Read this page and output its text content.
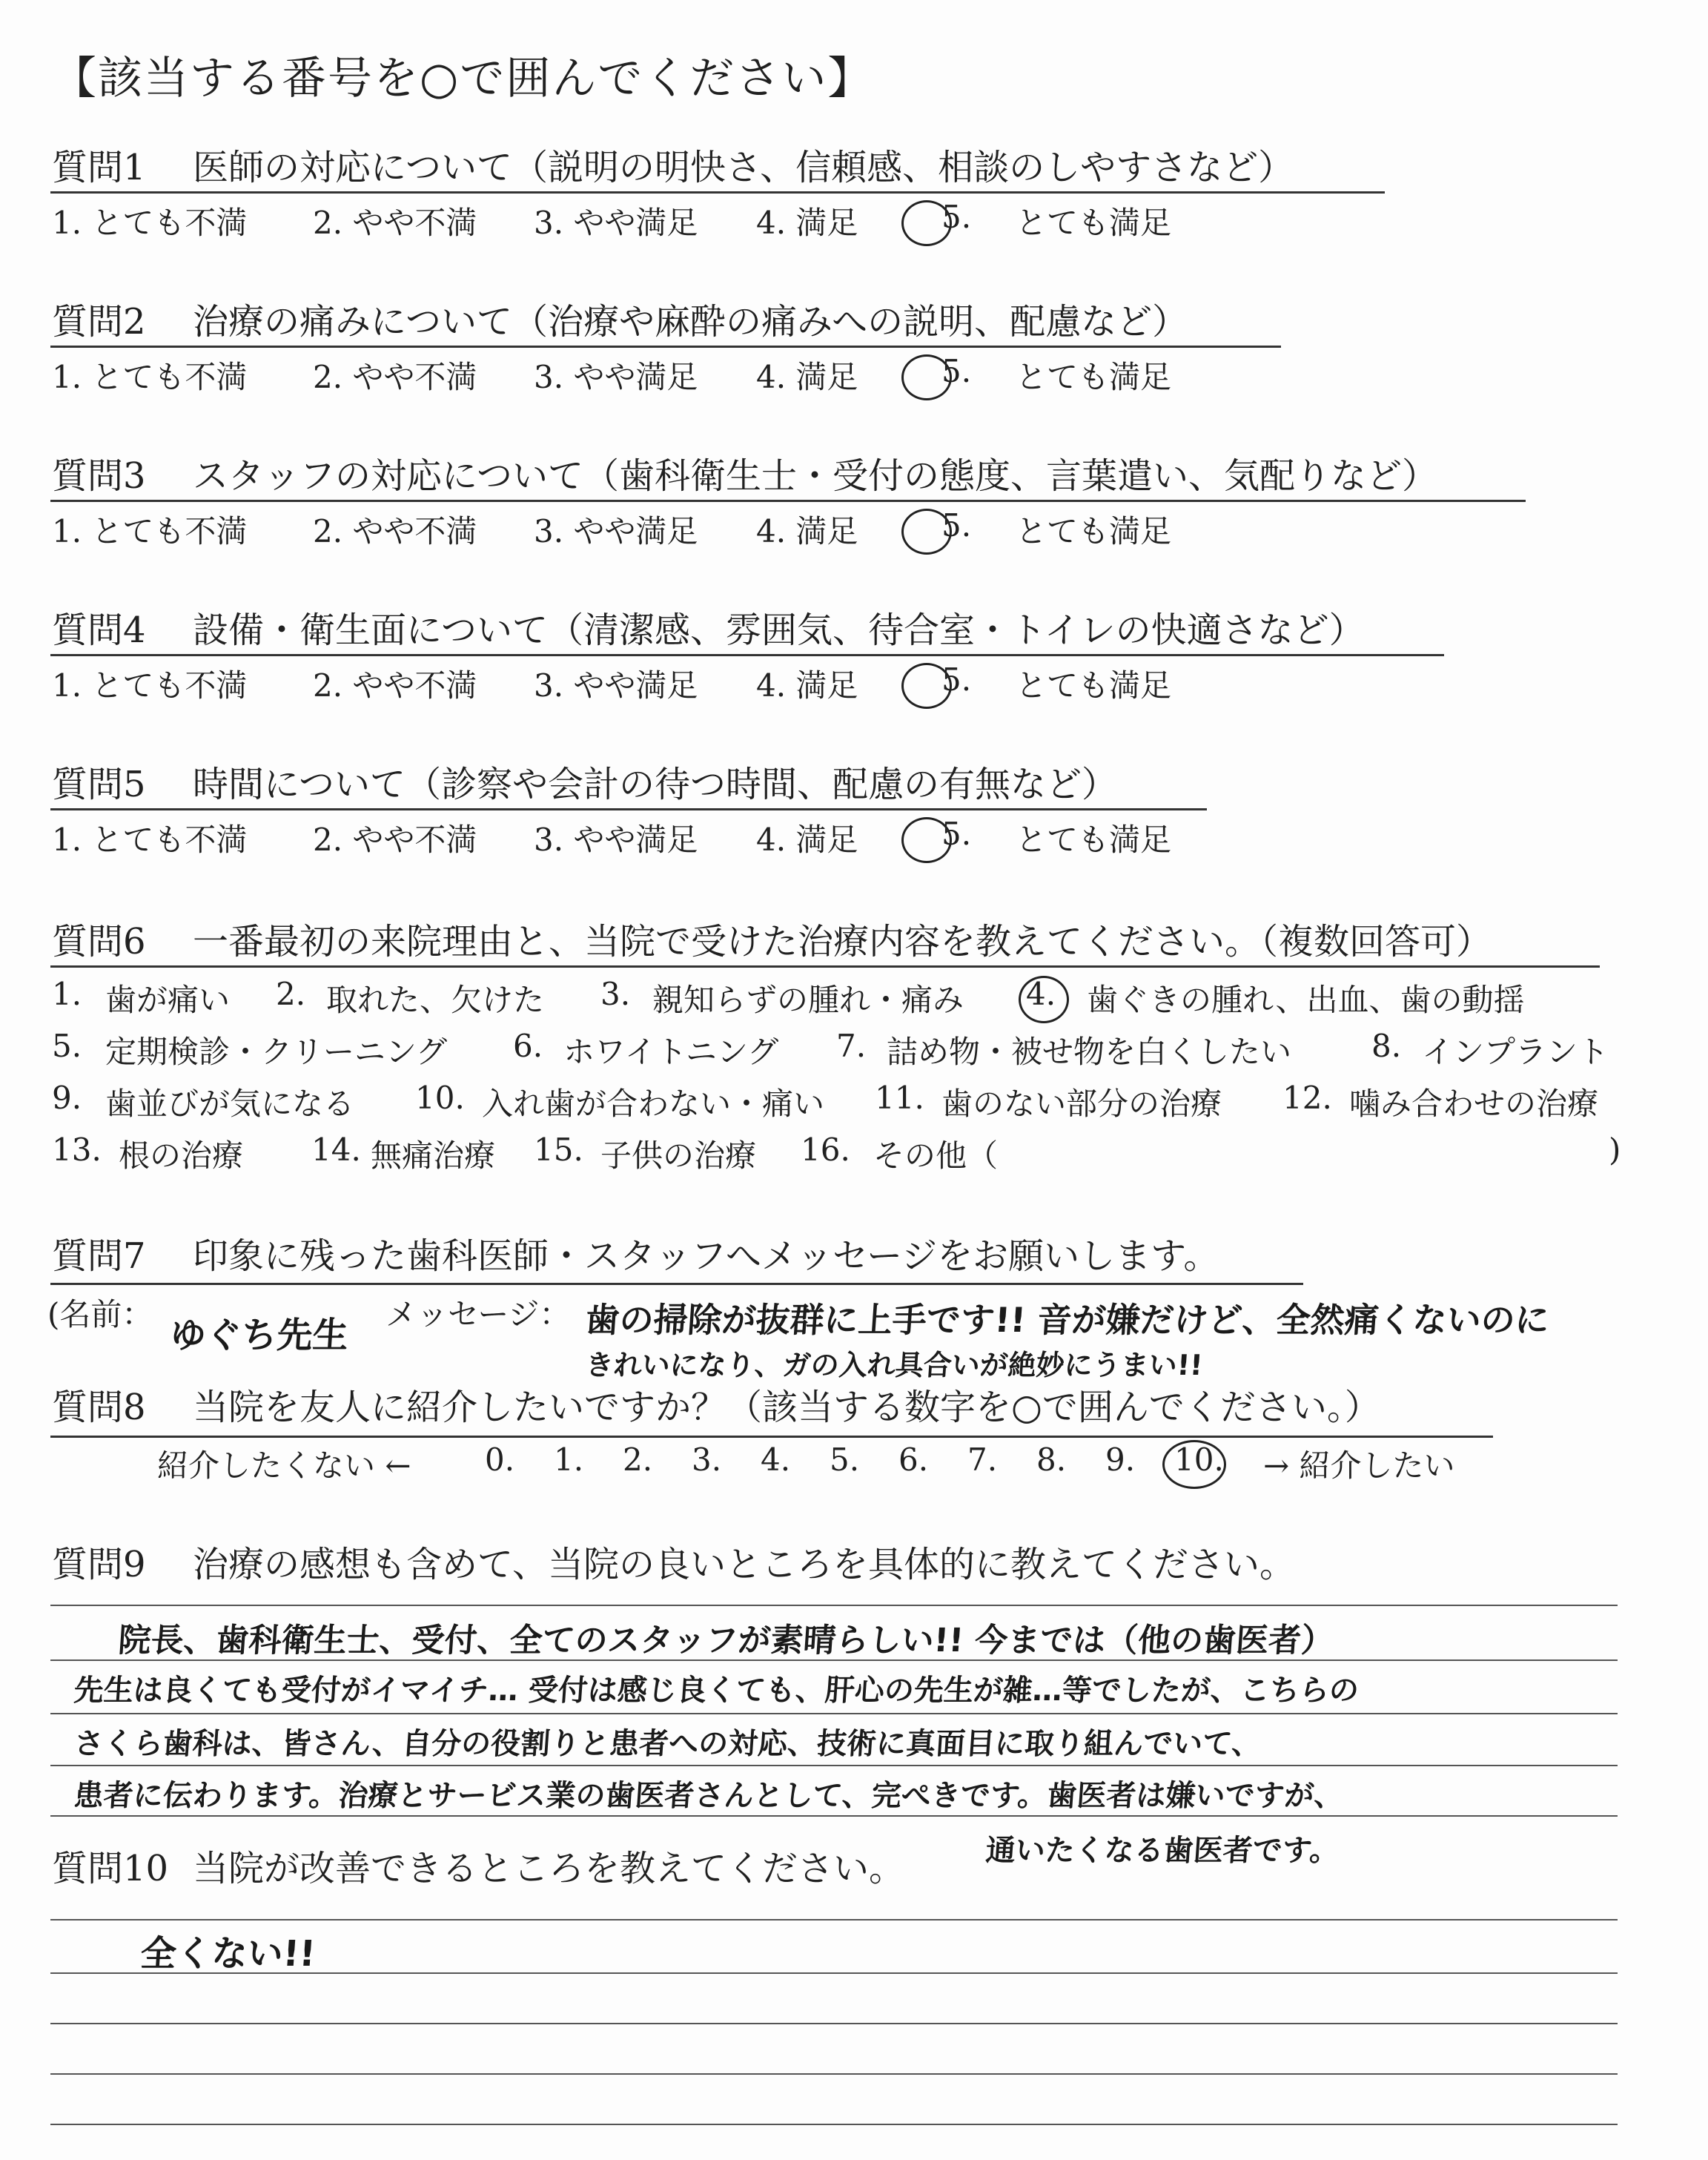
【該当する番号を○で囲んでください】
質問1 医師の対応について（説明の明快さ、信頼感、相談のしやすさなど）
1. とても不満 2. やや不満 3. やや満足 4. 満足	5. とても満足
質問2 治療の痛みについて（治療や麻酔の痛みへの説明、配慮など）
1. とても不満 2. やや不満 3. やや満足 4. 満足	5. とても満足
質問3 スタッフの対応について（歯科衛生士・受付の態度、言葉遣い、気配りなど）
1. とても不満 2. やや不満 3. やや満足 4. 満足	5. とても満足
質問4 設備・衛生面について（清潔感、雰囲気、待合室・トイレの快適さなど）
1. とても不満 2. やや不満 3. やや満足 4. 満足	5. とても満足
質問5 時間について（診察や会計の待つ時間、配慮の有無など）
1. とても不満 2. やや不満 3. やや満足 4. 満足	5. とても満足
質問6 一番最初の来院理由と、当院で受けた治療内容を教えてください。（複数回答可）
1. 歯が痛い 2. 取れた、欠けた 3. 親知らずの腫れ・痛み 4. 歯ぐきの腫れ、出血、歯の動揺
5. 定期検診・クリーニング 6. ホワイトニング 7. 詰め物・被せ物を白くしたい	8. インプラント
9. 歯並びが気になる 10. 入れ歯が合わない・痛い 11. 歯のない部分の治療 12. 噛み合わせの治療
13. 根の治療 14. 無痛治療 15. 子供の治療 16. その他（	)
質問7 印象に残った歯科医師・スタッフへメッセージをお願いします。
(名前：
ゆぐち先生
メッセージ： 歯の掃除が抜群に上手です!! 音が嫌だけど、全然痛くないのに
きれいになり、ガの入れ具合いが絶妙にうまい!!
質問8 当院を友人に紹介したいですか？（該当する数字を○で囲んでください。）
紹介したくない ← 0. 1. 2. 3. 4. 5. 6. 7. 8. 9. 10. → 紹介したい
質問9 治療の感想も含めて、当院の良いところを具体的に教えてください。
院長、歯科衛生士、受付、全てのスタッフが素晴らしい!! 今までは（他の歯医者）
先生は良くても受付がイマイチ… 受付は感じ良くても、肝心の先生が雑…等でしたが、こちらの
さくら歯科は、皆さん、自分の役割りと患者への対応、技術に真面目に取り組んでいて、
患者に伝わります。治療とサービス業の歯医者さんとして、完ぺきです。歯医者は嫌いですが、
通いたくなる歯医者です。
質問10 当院が改善できるところを教えてください。
全くない!!
